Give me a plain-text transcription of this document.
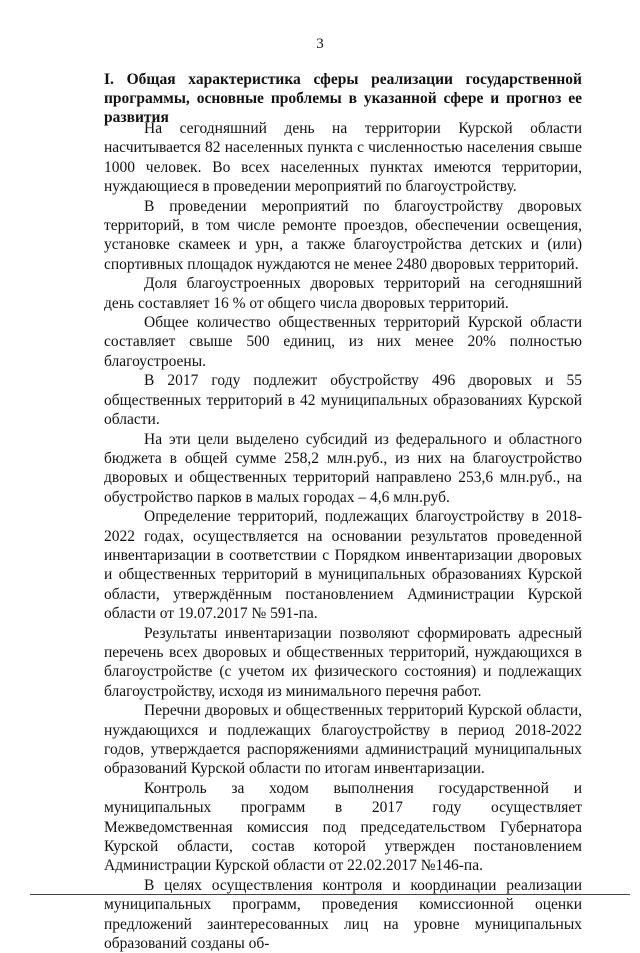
3
I. Общая характеристика сферы реализации государственной программы, основные проблемы в указанной сфере и прогноз ее развития

На сегодняшний день на территории Курской области насчитывается 82 населенных пункта с численностью населения свыше 1000 человек. Во всех населенных пунктах имеются территории, нуждающиеся в проведении мероприятий по благоустройству.

В проведении мероприятий по благоустройству дворовых территорий, в том числе ремонте проездов, обеспечении освещения, установке скамеек и урн, а также благоустройства детских и (или) спортивных площадок нуждаются не менее 2480 дворовых территорий.

Доля благоустроенных дворовых территорий на сегодняшний день составляет 16 % от общего числа дворовых территорий.

Общее количество общественных территорий Курской области составляет свыше 500 единиц, из них менее 20% полностью благоустроены.

В 2017 году подлежит обустройству 496 дворовых и 55 общественных территорий в 42 муниципальных образованиях Курской области.

На эти цели выделено субсидий из федерального и областного бюджета в общей сумме 258,2 млн.руб., из них на благоустройство дворовых и общественных территорий направлено 253,6 млн.руб., на обустройство парков в малых городах – 4,6 млн.руб.

Определение территорий, подлежащих благоустройству в 2018-2022 годах, осуществляется на основании результатов проведенной инвентаризации в соответствии с Порядком инвентаризации дворовых и общественных территорий в муниципальных образованиях Курской области, утверждённым постановлением Администрации Курской области от 19.07.2017 № 591-па.

Результаты инвентаризации позволяют сформировать адресный перечень всех дворовых и общественных территорий, нуждающихся в благоустройстве (с учетом их физического состояния) и подлежащих благоустройству, исходя из минимального перечня работ.

Перечни дворовых и общественных территорий Курской области, нуждающихся и подлежащих благоустройству в период 2018-2022 годов, утверждается распоряжениями администраций муниципальных образований Курской области по итогам инвентаризации.

Контроль за ходом выполнения государственной и муниципальных программ в 2017 году осуществляет Межведомственная комиссия под председательством Губернатора Курской области, состав которой утвержден постановлением Администрации Курской области от 22.02.2017 №146-па.

В целях осуществления контроля и координации реализации муниципальных программ, проведения комиссионной оценки предложений заинтересованных лиц на уровне муниципальных образований созданы об-
